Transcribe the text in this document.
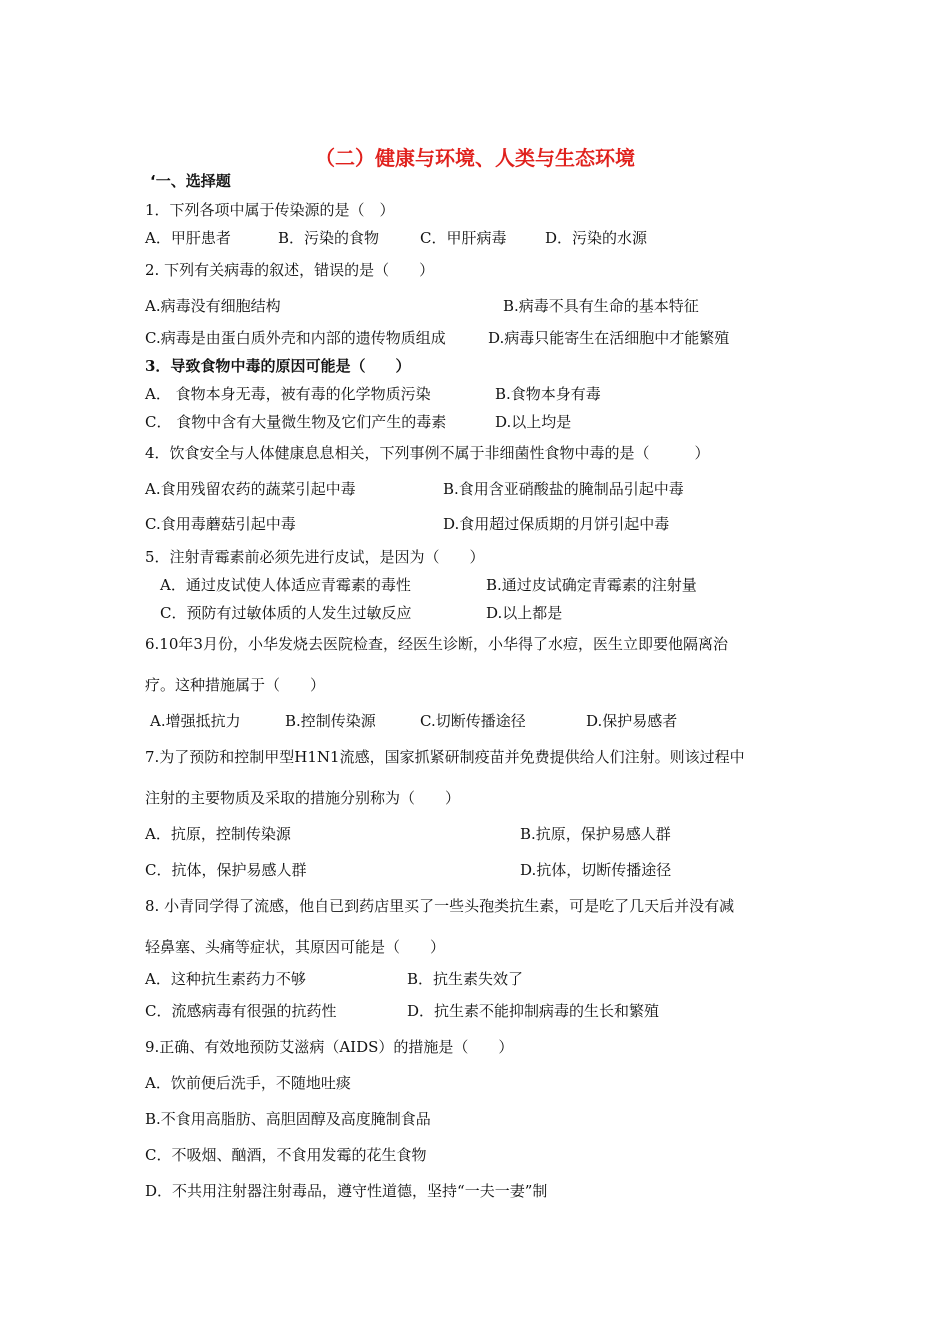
（二）健康与环境、人类与生态环境
‘一、选择题
1．下列各项中属于传染源的是（　）
A．甲肝患者	B．污染的食物	C．甲肝病毒	D．污染的水源
2. 下列有关病毒的叙述，错误的是（　　）
A.病毒没有细胞结构	B.病毒不具有生命的基本特征
C.病毒是由蛋白质外壳和内部的遗传物质组成	D.病毒只能寄生在活细胞中才能繁殖
3．导致食物中毒的原因可能是（　　）
A． 食物本身无毒，被有毒的化学物质污染	B.食物本身有毒
C． 食物中含有大量微生物及它们产生的毒素	D.以上均是
4．饮食安全与人体健康息息相关，下列事例不属于非细菌性食物中毒的是（　　　）
A.食用残留农药的蔬菜引起中毒	B.食用含亚硝酸盐的腌制品引起中毒
C.食用毒蘑菇引起中毒	D.食用超过保质期的月饼引起中毒
5．注射青霉素前必须先进行皮试，是因为（　　）
A．通过皮试使人体适应青霉素的毒性	B.通过皮试确定青霉素的注射量
C．预防有过敏体质的人发生过敏反应	D.以上都是
6.10年3月份，小华发烧去医院检查，经医生诊断，小华得了水痘，医生立即要他隔离治
疗。这种措施属于（　　）
A.增强抵抗力	B.控制传染源	C.切断传播途径	D.保护易感者
7.为了预防和控制甲型H1N1流感，国家抓紧研制疫苗并免费提供给人们注射。则该过程中
注射的主要物质及采取的措施分别称为（　　）
A．抗原，控制传染源	B.抗原，保护易感人群
C．抗体，保护易感人群	D.抗体，切断传播途径
8. 小青同学得了流感，他自已到药店里买了一些头孢类抗生素，可是吃了几天后并没有减
轻鼻塞、头痛等症状，其原因可能是（　　）
A．这种抗生素药力不够	B．抗生素失效了
C．流感病毒有很强的抗药性	D．抗生素不能抑制病毒的生长和繁殖
9.正确、有效地预防艾滋病（AIDS）的措施是（　　）
A．饮前便后洗手，不随地吐痰
B.不食用高脂肪、高胆固醇及高度腌制食品
C．不吸烟、酗酒，不食用发霉的花生食物
D．不共用注射器注射毒品，遵守性道德，坚持“一夫一妻”制
